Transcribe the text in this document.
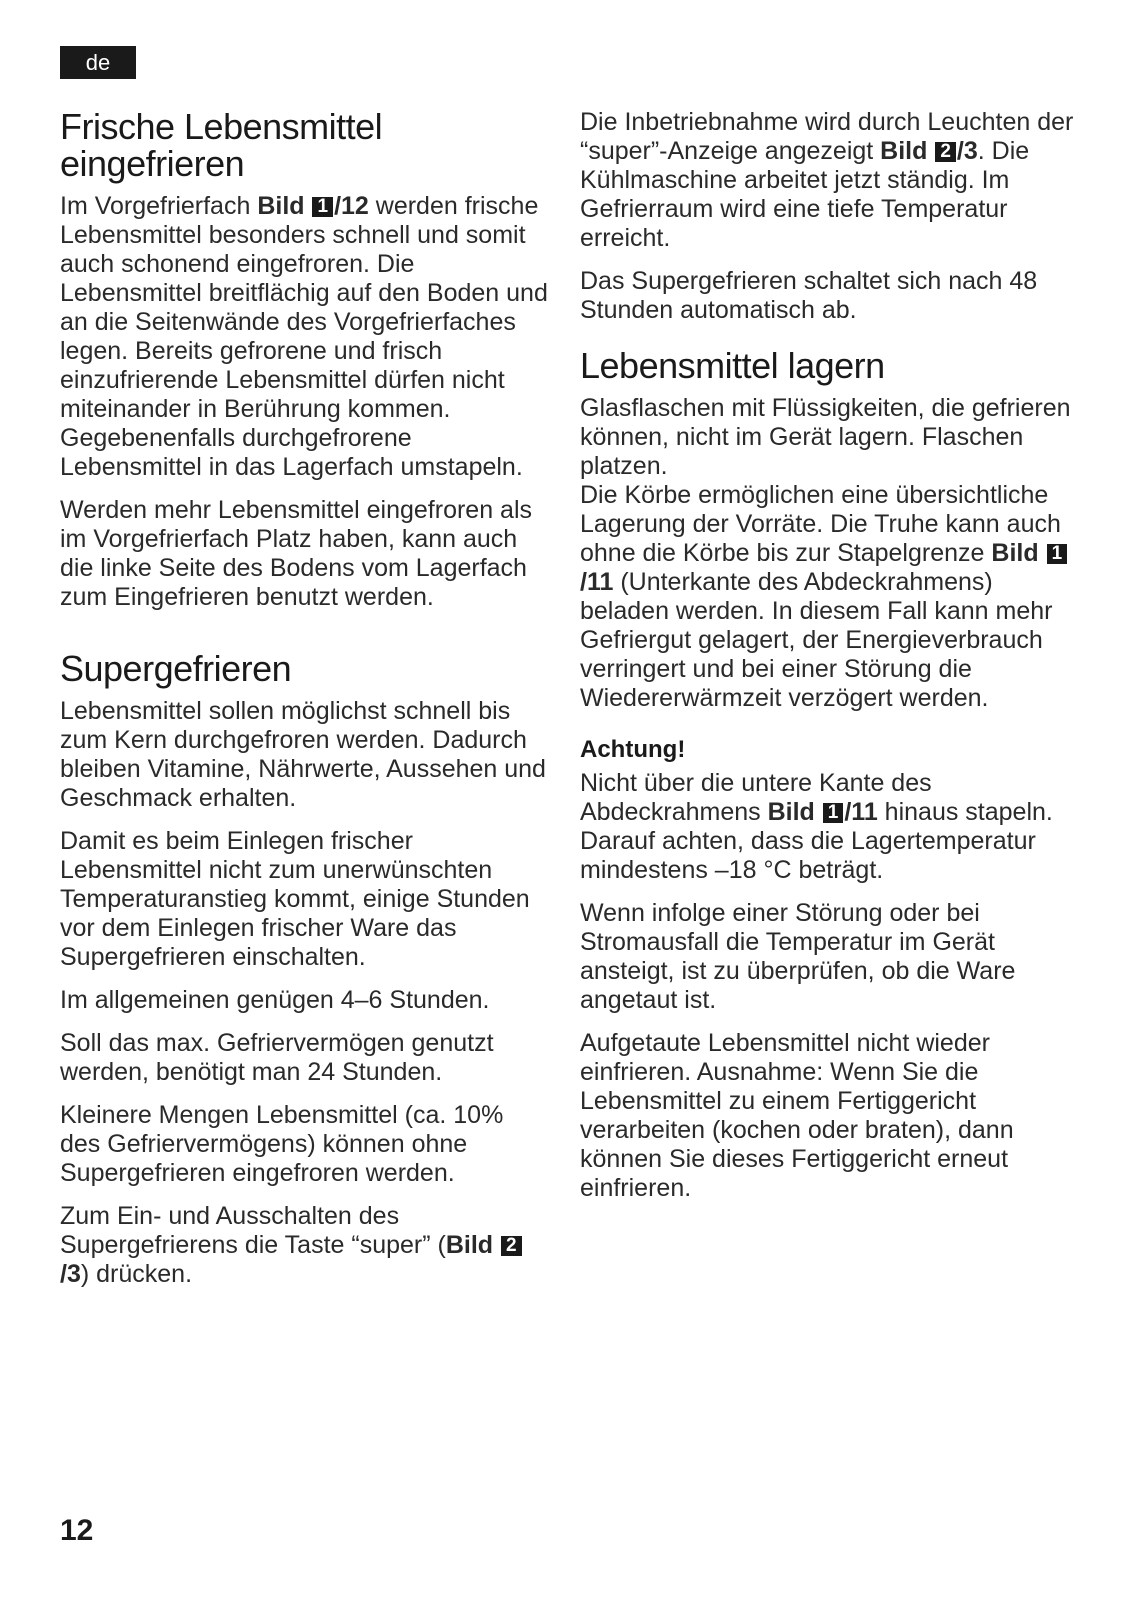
de
Frische Lebensmittel eingefrieren

Im Vorgefrierfach Bild 1 /12 werden frische Lebensmittel besonders schnell und somit auch schonend eingefroren. Die Lebensmittel breitflächig auf den Boden und an die Seitenwände des Vorgefrierfaches legen. Bereits gefrorene und frisch einzufrierende Lebensmittel dürfen nicht miteinander in Berührung kommen. Gegebenenfalls durchgefrorene Lebensmittel in das Lagerfach umstapeln.

Werden mehr Lebensmittel eingefroren als im Vorgefrierfach Platz haben, kann auch die linke Seite des Bodens vom Lagerfach zum Eingefrieren benutzt werden.

Supergefrieren

Lebensmittel sollen möglichst schnell bis zum Kern durchgefroren werden. Dadurch bleiben Vitamine, Nährwerte, Aussehen und Geschmack erhalten.

Damit es beim Einlegen frischer Lebensmittel nicht zum unerwünschten Temperaturanstieg kommt, einige Stunden vor dem Einlegen frischer Ware das Supergefrieren einschalten.

Im allgemeinen genügen 4–6 Stunden.

Soll das max. Gefriervermögen genutzt werden, benötigt man 24 Stunden.

Kleinere Mengen Lebensmittel (ca. 10% des Gefriervermögens) können ohne Supergefrieren eingefroren werden.

Zum Ein- und Ausschalten des Supergefrierens die Taste “super” (Bild 2/3) drücken.

Die Inbetriebnahme wird durch Leuchten der “super”-Anzeige angezeigt Bild 2 /3. Die Kühlmaschine arbeitet jetzt ständig. Im Gefrierraum wird eine tiefe Temperatur erreicht.

Das Supergefrieren schaltet sich nach 48 Stunden automatisch ab.

Lebensmittel lagern

Glasflaschen mit Flüssigkeiten, die gefrieren können, nicht im Gerät lagern. Flaschen platzen.

Die Körbe ermöglichen eine übersichtliche Lagerung der Vorräte. Die Truhe kann auch ohne die Körbe bis zur Stapelgrenze Bild 1/11 (Unterkante des Abdeckrahmens) beladen werden. In diesem Fall kann mehr Gefriergut gelagert, der Energieverbrauch verringert und bei einer Störung die Wiedererwärmzeit verzögert werden.

Achtung!

Nicht über die untere Kante des Abdeckrahmens Bild 1 /11 hinaus stapeln.

Darauf achten, dass die Lagertemperatur mindestens –18 °C beträgt.

Wenn infolge einer Störung oder bei Stromausfall die Temperatur im Gerät ansteigt, ist zu überprüfen, ob die Ware angetaut ist.

Aufgetaute Lebensmittel nicht wieder einfrieren. Ausnahme: Wenn Sie die Lebensmittel zu einem Fertiggericht verarbeiten (kochen oder braten), dann können Sie dieses Fertiggericht erneut einfrieren.

12
